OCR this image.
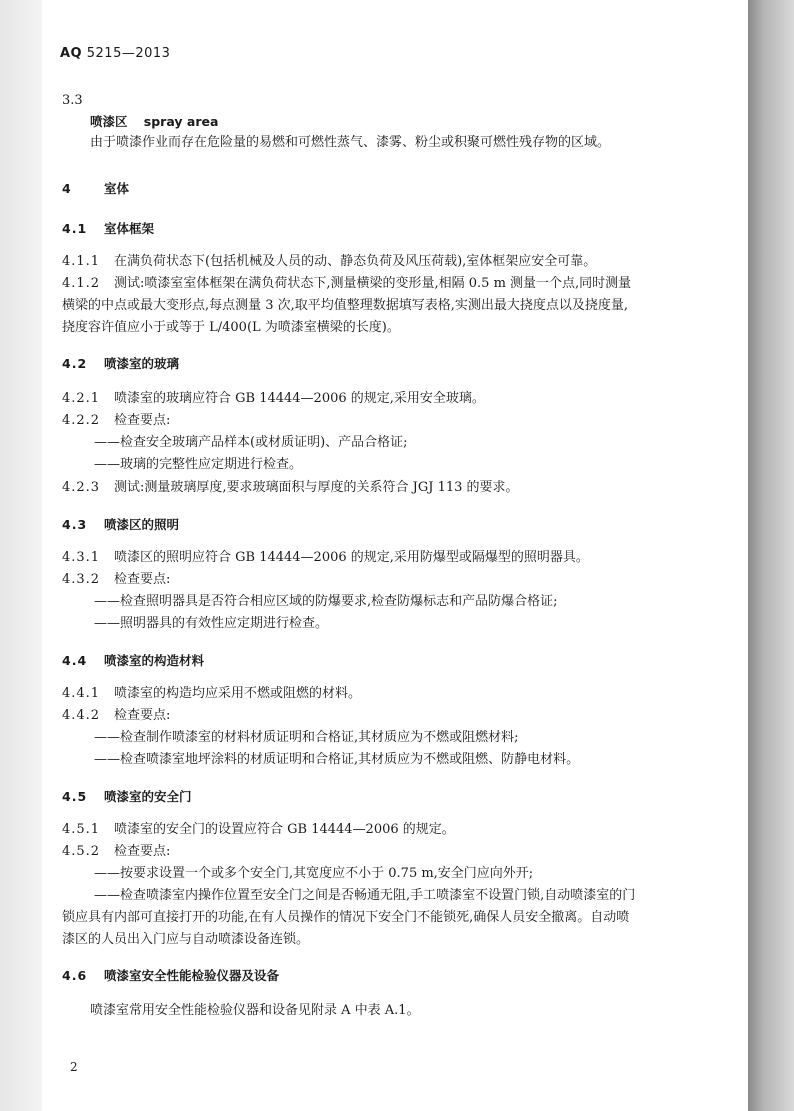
AQ 5215—2013
3.3
喷漆区 spray area
由于喷漆作业而存在危险量的易燃和可燃性蒸气、漆雾、粉尘或积聚可燃性残存物的区域。
4	室体
4.1 室体框架
4.1.1 在满负荷状态下(包括机械及人员的动、静态负荷及风压荷载),室体框架应安全可靠。
4.1.2 测试:喷漆室室体框架在满负荷状态下,测量横梁的变形量,相隔 0.5 m 测量一个点,同时测量
横梁的中点或最大变形点,每点测量 3 次,取平均值整理数据填写表格,实测出最大挠度点以及挠度量,
挠度容许值应小于或等于 L/400(L 为喷漆室横梁的长度)。
4.2 喷漆室的玻璃
4.2.1 喷漆室的玻璃应符合 GB 14444—2006 的规定,采用安全玻璃。
4.2.2 检查要点:
——检查安全玻璃产品样本(或材质证明)、产品合格证;
——玻璃的完整性应定期进行检查。
4.2.3 测试:测量玻璃厚度,要求玻璃面积与厚度的关系符合 JGJ 113 的要求。
4.3 喷漆区的照明
4.3.1 喷漆区的照明应符合 GB 14444—2006 的规定,采用防爆型或隔爆型的照明器具。
4.3.2 检查要点:
——检查照明器具是否符合相应区域的防爆要求,检查防爆标志和产品防爆合格证;
——照明器具的有效性应定期进行检查。
4.4 喷漆室的构造材料
4.4.1 喷漆室的构造均应采用不燃或阻燃的材料。
4.4.2 检查要点:
——检查制作喷漆室的材料材质证明和合格证,其材质应为不燃或阻燃材料;
——检查喷漆室地坪涂料的材质证明和合格证,其材质应为不燃或阻燃、防静电材料。
4.5 喷漆室的安全门
4.5.1 喷漆室的安全门的设置应符合 GB 14444—2006 的规定。
4.5.2 检查要点:
——按要求设置一个或多个安全门,其宽度应不小于 0.75 m,安全门应向外开;
——检查喷漆室内操作位置至安全门之间是否畅通无阻,手工喷漆室不设置门锁,自动喷漆室的门
锁应具有内部可直接打开的功能,在有人员操作的情况下安全门不能锁死,确保人员安全撤离。自动喷
漆区的人员出入门应与自动喷漆设备连锁。
4.6 喷漆室安全性能检验仪器及设备
喷漆室常用安全性能检验仪器和设备见附录 A 中表 A.1。
2
